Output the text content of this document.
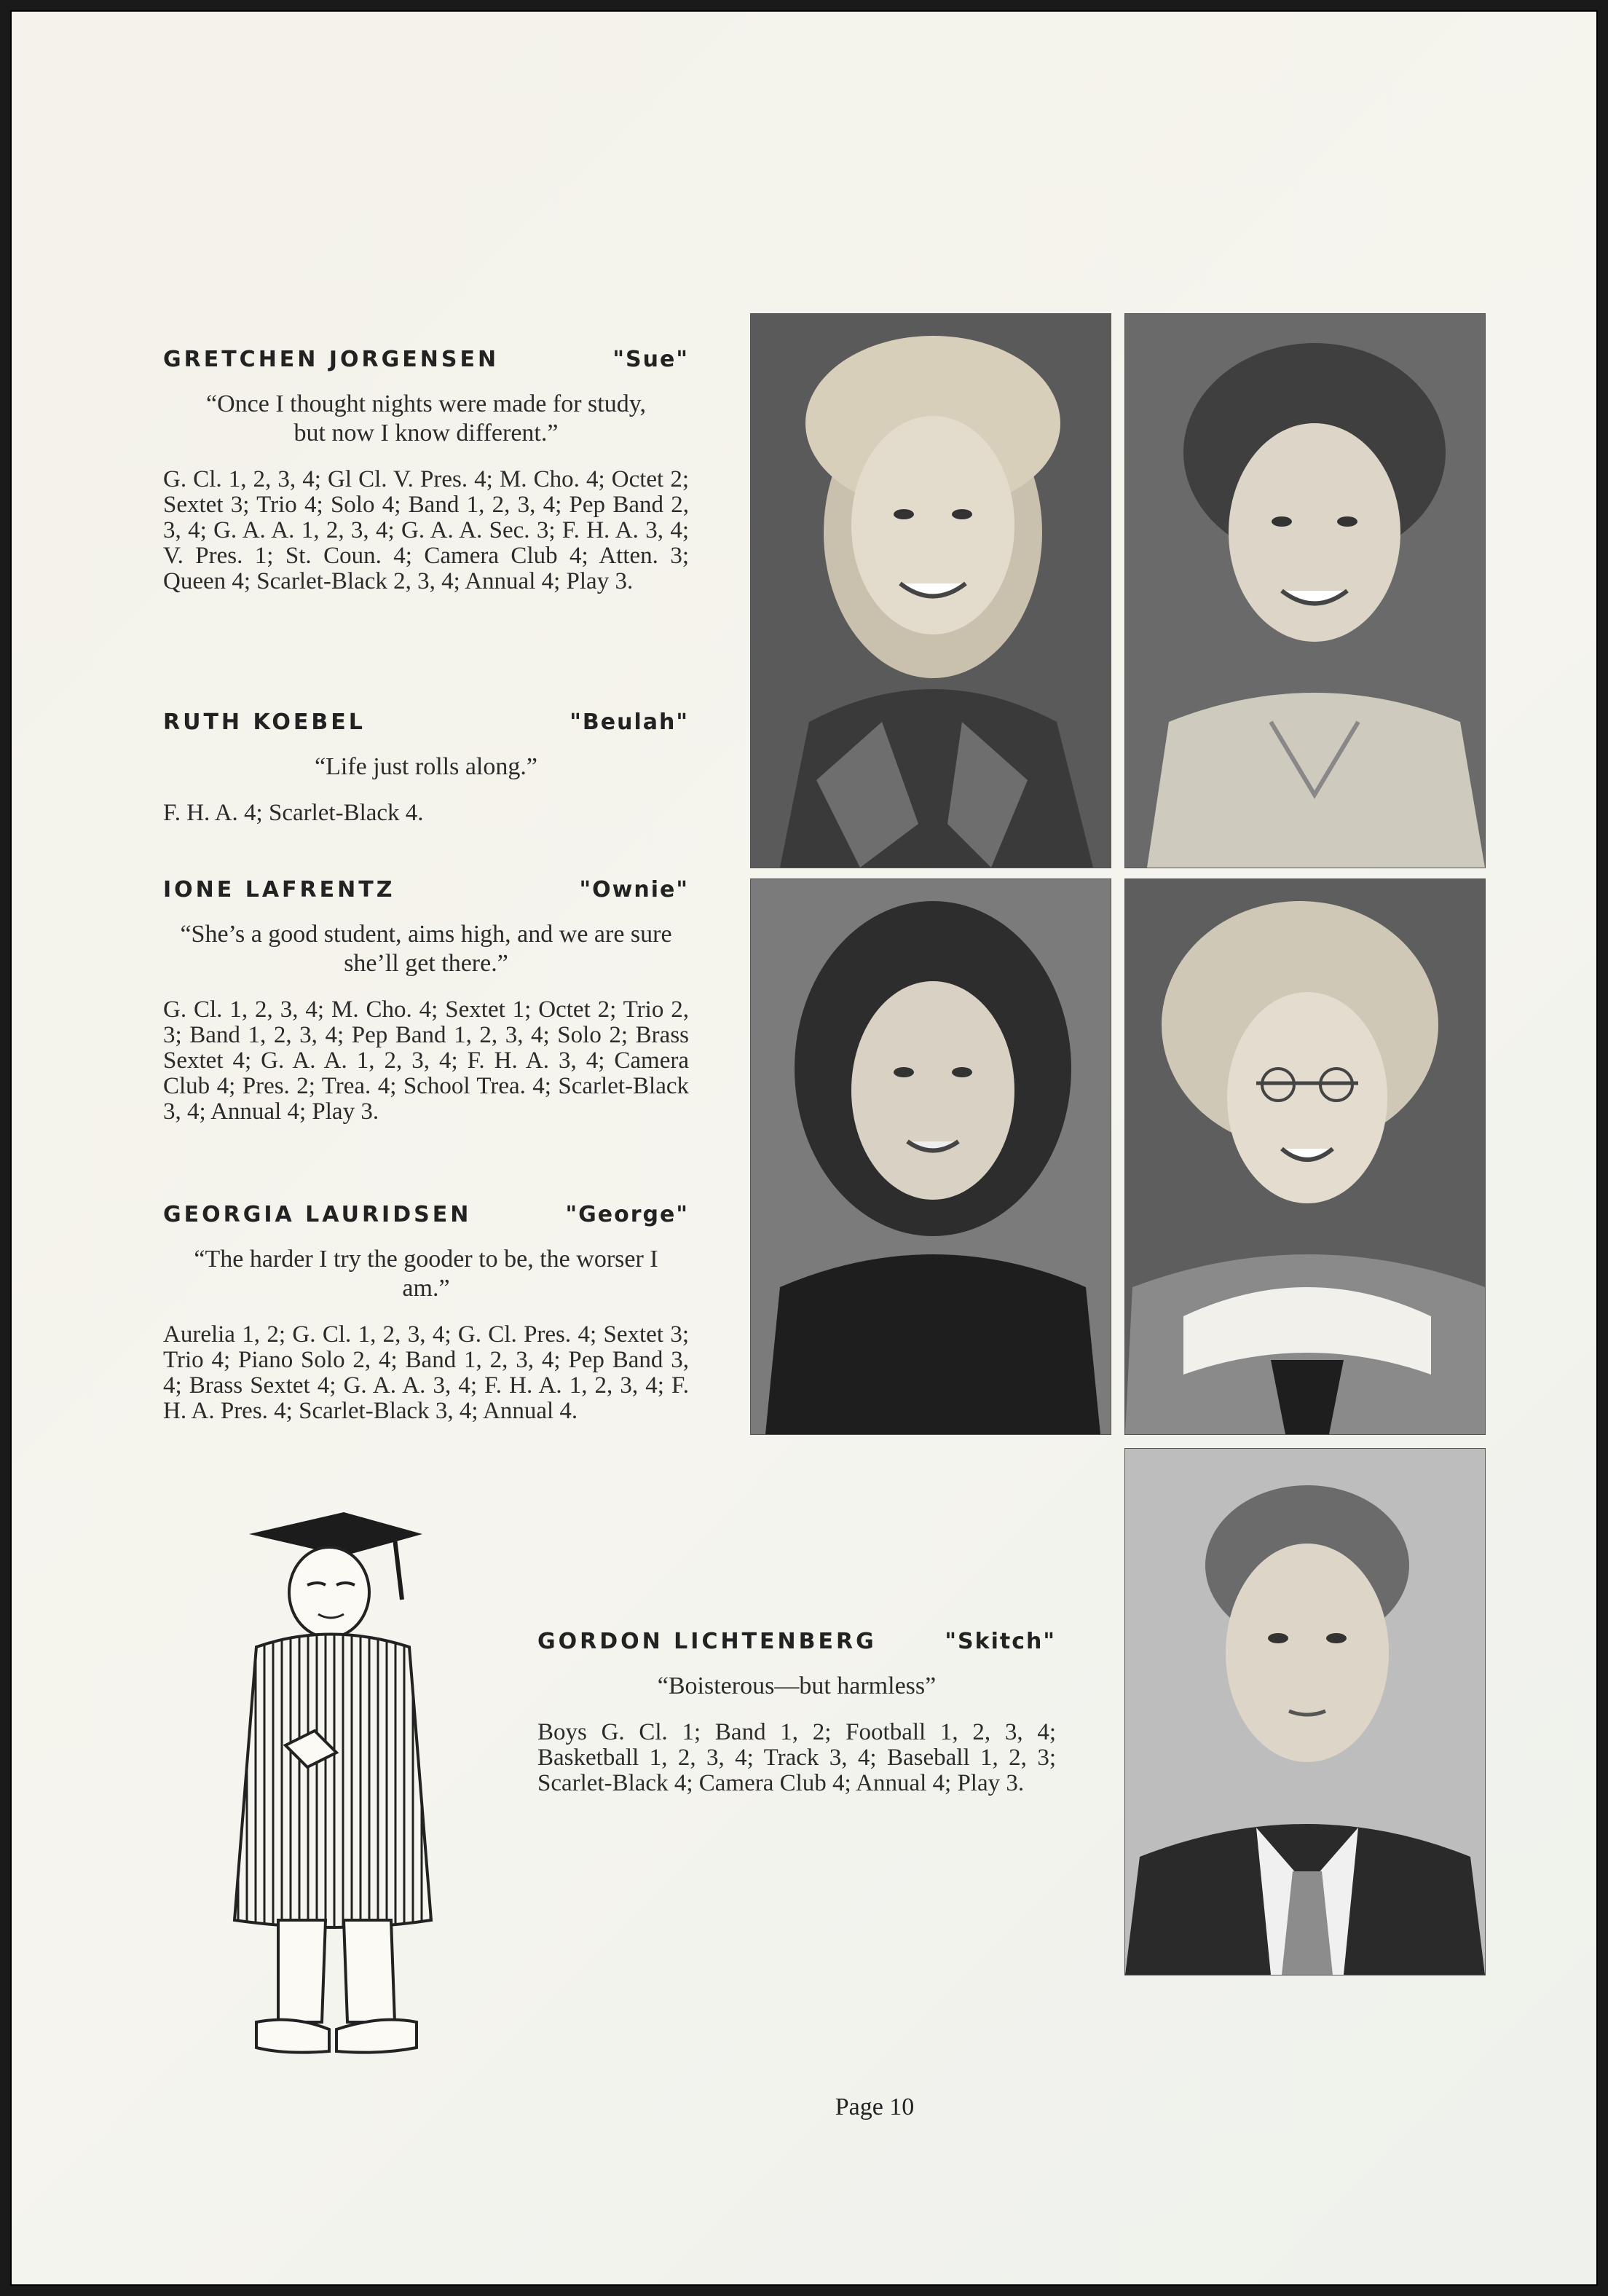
GRETCHEN JORGENSEN	"Sue"
“Once I thought nights were made for study, but now I know different.”
G. Cl. 1, 2, 3, 4; Gl Cl. V. Pres. 4; M. Cho. 4; Octet 2; Sextet 3; Trio 4; Solo 4; Band 1, 2, 3, 4; Pep Band 2, 3, 4; G. A. A. 1, 2, 3, 4; G. A. A. Sec. 3; F. H. A. 3, 4; V. Pres. 1; St. Coun. 4; Camera Club 4; Atten. 3; Queen 4; Scarlet-Black 2, 3, 4; Annual 4; Play 3.
RUTH KOEBEL	"Beulah"
“Life just rolls along.”
F. H. A. 4; Scarlet-Black 4.
IONE LAFRENTZ	"Ownie"
“She’s a good student, aims high, and we are sure she’ll get there.”
G. Cl. 1, 2, 3, 4; M. Cho. 4; Sextet 1; Octet 2; Trio 2, 3; Band 1, 2, 3, 4; Pep Band 1, 2, 3, 4; Solo 2; Brass Sextet 4; G. A. A. 1, 2, 3, 4; F. H. A. 3, 4; Camera Club 4; Pres. 2; Trea. 4; School Trea. 4; Scarlet-Black 3, 4; Annual 4; Play 3.
GEORGIA LAURIDSEN	"George"
“The harder I try the gooder to be, the worser I am.”
Aurelia 1, 2; G. Cl. 1, 2, 3, 4; G. Cl. Pres. 4; Sextet 3; Trio 4; Piano Solo 2, 4; Band 1, 2, 3, 4; Pep Band 3, 4; Brass Sextet 4; G. A. A. 3, 4; F. H. A. 1, 2, 3, 4; F. H. A. Pres. 4; Scarlet-Black 3, 4; Annual 4.
GORDON LICHTENBERG	"Skitch"
“Boisterous—but harmless”
Boys G. Cl. 1; Band 1, 2; Football 1, 2, 3, 4; Basketball 1, 2, 3, 4; Track 3, 4; Baseball 1, 2, 3; Scarlet-Black 4; Camera Club 4; Annual 4; Play 3.
Page 10
